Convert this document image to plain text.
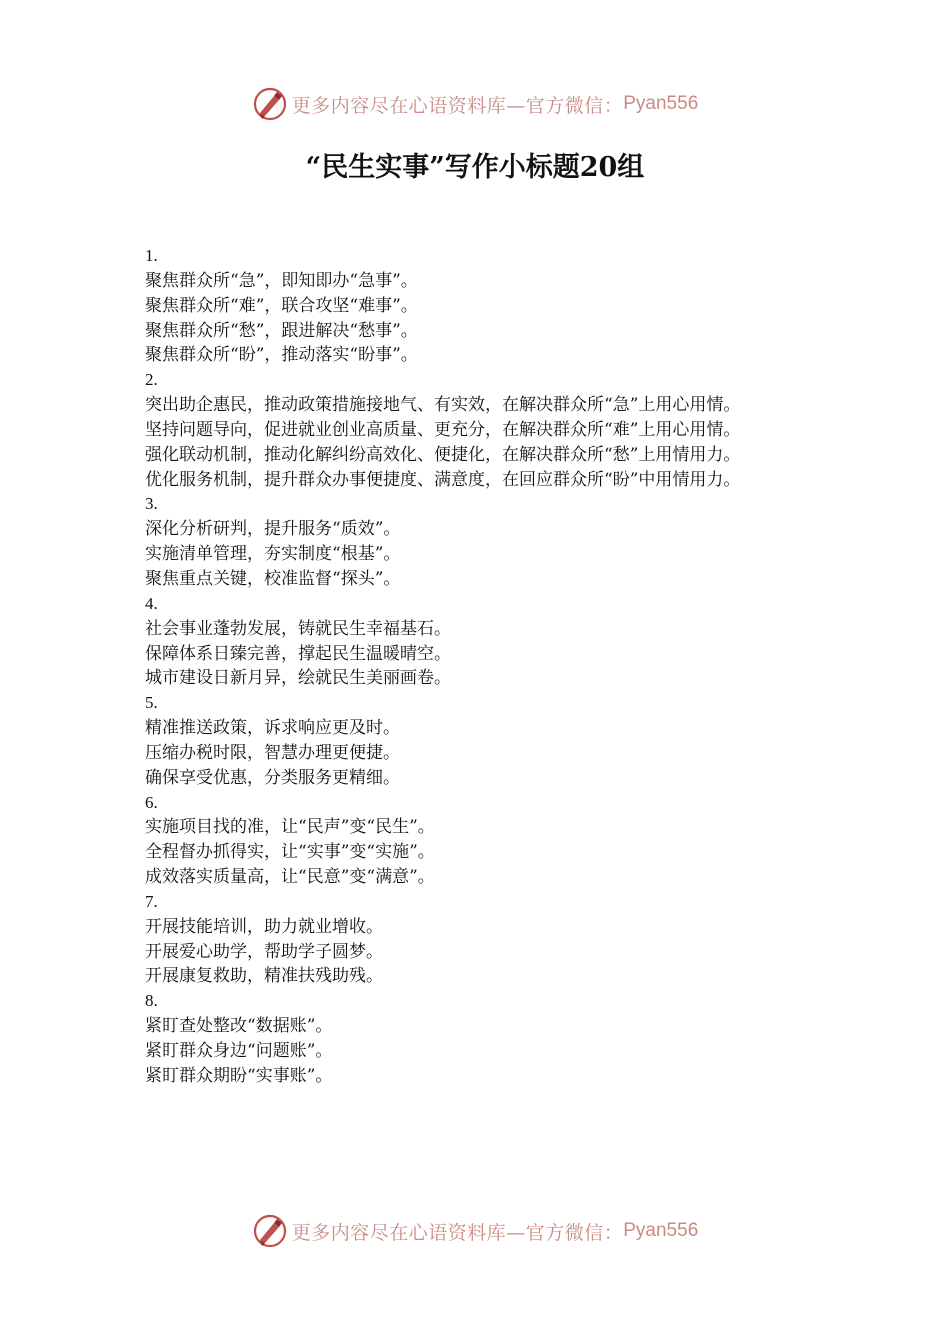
更多内容尽在心语资料库—官方微信： Pyan556
“民生实事”写作小标题20组

1.

聚焦群众所“急”，即知即办“急事”。

聚焦群众所“难”，联合攻坚“难事”。

聚焦群众所“愁”，跟进解决“愁事”。

聚焦群众所“盼”，推动落实“盼事”。

2.

突出助企惠民，推动政策措施接地气、有实效，在解决群众所“急”上用心用情。

坚持问题导向，促进就业创业高质量、更充分，在解决群众所“难”上用心用情。

强化联动机制，推动化解纠纷高效化、便捷化，在解决群众所“愁”上用情用力。

优化服务机制，提升群众办事便捷度、满意度，在回应群众所“盼”中用情用力。

3.

深化分析研判，提升服务“质效”。

实施清单管理，夯实制度“根基”。

聚焦重点关键，校准监督“探头”。

4.

社会事业蓬勃发展，铸就民生幸福基石。

保障体系日臻完善，撑起民生温暖晴空。

城市建设日新月异，绘就民生美丽画卷。

5.

精准推送政策，诉求响应更及时。

压缩办税时限，智慧办理更便捷。

确保享受优惠，分类服务更精细。

6.

实施项目找的准，让“民声”变“民生”。

全程督办抓得实，让“实事”变“实施”。

成效落实质量高，让“民意”变“满意”。

7.

开展技能培训，助力就业增收。

开展爱心助学，帮助学子圆梦。

开展康复救助，精准扶残助残。

8.

紧盯查处整改“数据账”。

紧盯群众身边“问题账”。

紧盯群众期盼“实事账”。

更多内容尽在心语资料库—官方微信： Pyan556
